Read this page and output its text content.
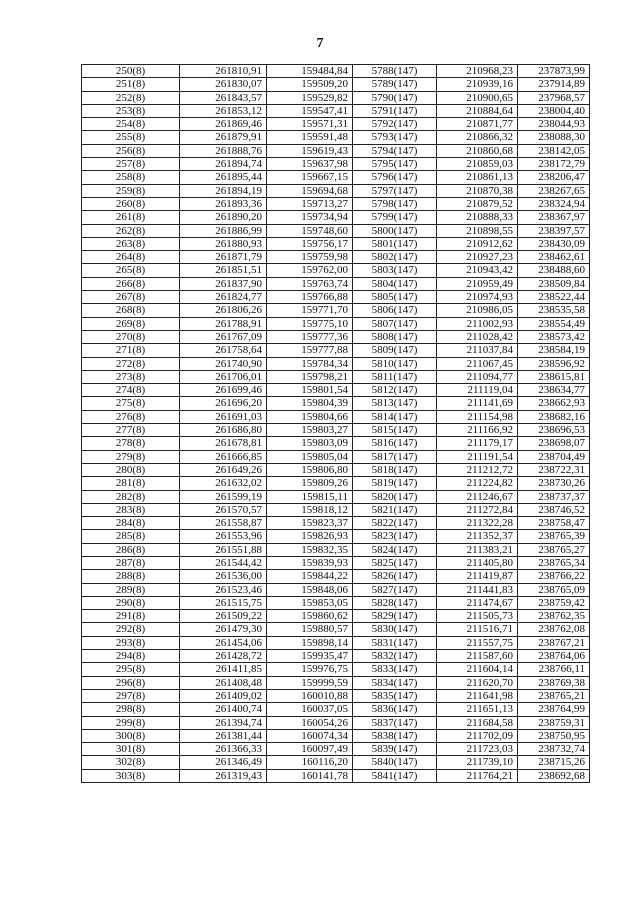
7
250(8)	261810,91	159484,84	5788(147)	210968,23	237873,99
251(8)	261830,07	159509,20	5789(147)	210939,16	237914,89
252(8)	261843,57	159529,82	5790(147)	210900,65	237968,57
253(8)	261853,12	159547,41	5791(147)	210884,64	238004,40
254(8)	261869,46	159571,31	5792(147)	210871,77	238044,93
255(8)	261879,91	159591,48	5793(147)	210866,32	238088,30
256(8)	261888,76	159619,43	5794(147)	210860,68	238142,05
257(8)	261894,74	159637,98	5795(147)	210859,03	238172,79
258(8)	261895,44	159667,15	5796(147)	210861,13	238206,47
259(8)	261894,19	159694,68	5797(147)	210870,38	238267,65
260(8)	261893,36	159713,27	5798(147)	210879,52	238324,94
261(8)	261890,20	159734,94	5799(147)	210888,33	238367,97
262(8)	261886,99	159748,60	5800(147)	210898,55	238397,57
263(8)	261880,93	159756,17	5801(147)	210912,62	238430,09
264(8)	261871,79	159759,98	5802(147)	210927,23	238462,61
265(8)	261851,51	159762,00	5803(147)	210943,42	238488,60
266(8)	261837,90	159763,74	5804(147)	210959,49	238509,84
267(8)	261824,77	159766,88	5805(147)	210974,93	238522,44
268(8)	261806,26	159771,70	5806(147)	210986,05	238535,58
269(8)	261788,91	159775,10	5807(147)	211002,93	238554,49
270(8)	261767,09	159777,36	5808(147)	211028,42	238573,42
271(8)	261758,64	159777,88	5809(147)	211037,84	238584,19
272(8)	261740,90	159784,34	5810(147)	211067,45	238596,92
273(8)	261706,01	159798,21	5811(147)	211094,77	238615,81
274(8)	261699,46	159801,54	5812(147)	211119,04	238634,77
275(8)	261696,20	159804,39	5813(147)	211141,69	238662,93
276(8)	261691,03	159804,66	5814(147)	211154,98	238682,16
277(8)	261686,80	159803,27	5815(147)	211166,92	238696,53
278(8)	261678,81	159803,09	5816(147)	211179,17	238698,07
279(8)	261666,85	159805,04	5817(147)	211191,54	238704,49
280(8)	261649,26	159806,80	5818(147)	211212,72	238722,31
281(8)	261632,02	159809,26	5819(147)	211224,82	238730,26
282(8)	261599,19	159815,11	5820(147)	211246,67	238737,37
283(8)	261570,57	159818,12	5821(147)	211272,84	238746,52
284(8)	261558,87	159823,37	5822(147)	211322,28	238758,47
285(8)	261553,96	159826,93	5823(147)	211352,37	238765,39
286(8)	261551,88	159832,35	5824(147)	211383,21	238765,27
287(8)	261544,42	159839,93	5825(147)	211405,80	238765,34
288(8)	261536,00	159844,22	5826(147)	211419,87	238766,22
289(8)	261523,46	159848,06	5827(147)	211441,83	238765,09
290(8)	261515,75	159853,05	5828(147)	211474,67	238759,42
291(8)	261509,22	159860,62	5829(147)	211505,73	238762,35
292(8)	261479,30	159880,57	5830(147)	211516,71	238762,08
293(8)	261454,06	159898,14	5831(147)	211557,75	238767,21
294(8)	261428,72	159935,47	5832(147)	211587,60	238764,06
295(8)	261411,85	159976,75	5833(147)	211604,14	238766,11
296(8)	261408,48	159999,59	5834(147)	211620,70	238769,38
297(8)	261409,02	160010,88	5835(147)	211641,98	238765,21
298(8)	261400,74	160037,05	5836(147)	211651,13	238764,99
299(8)	261394,74	160054,26	5837(147)	211684,58	238759,31
300(8)	261381,44	160074,34	5838(147)	211702,09	238750,95
301(8)	261366,33	160097,49	5839(147)	211723,03	238732,74
302(8)	261346,49	160116,20	5840(147)	211739,10	238715,26
303(8)	261319,43	160141,78	5841(147)	211764,21	238692,68
